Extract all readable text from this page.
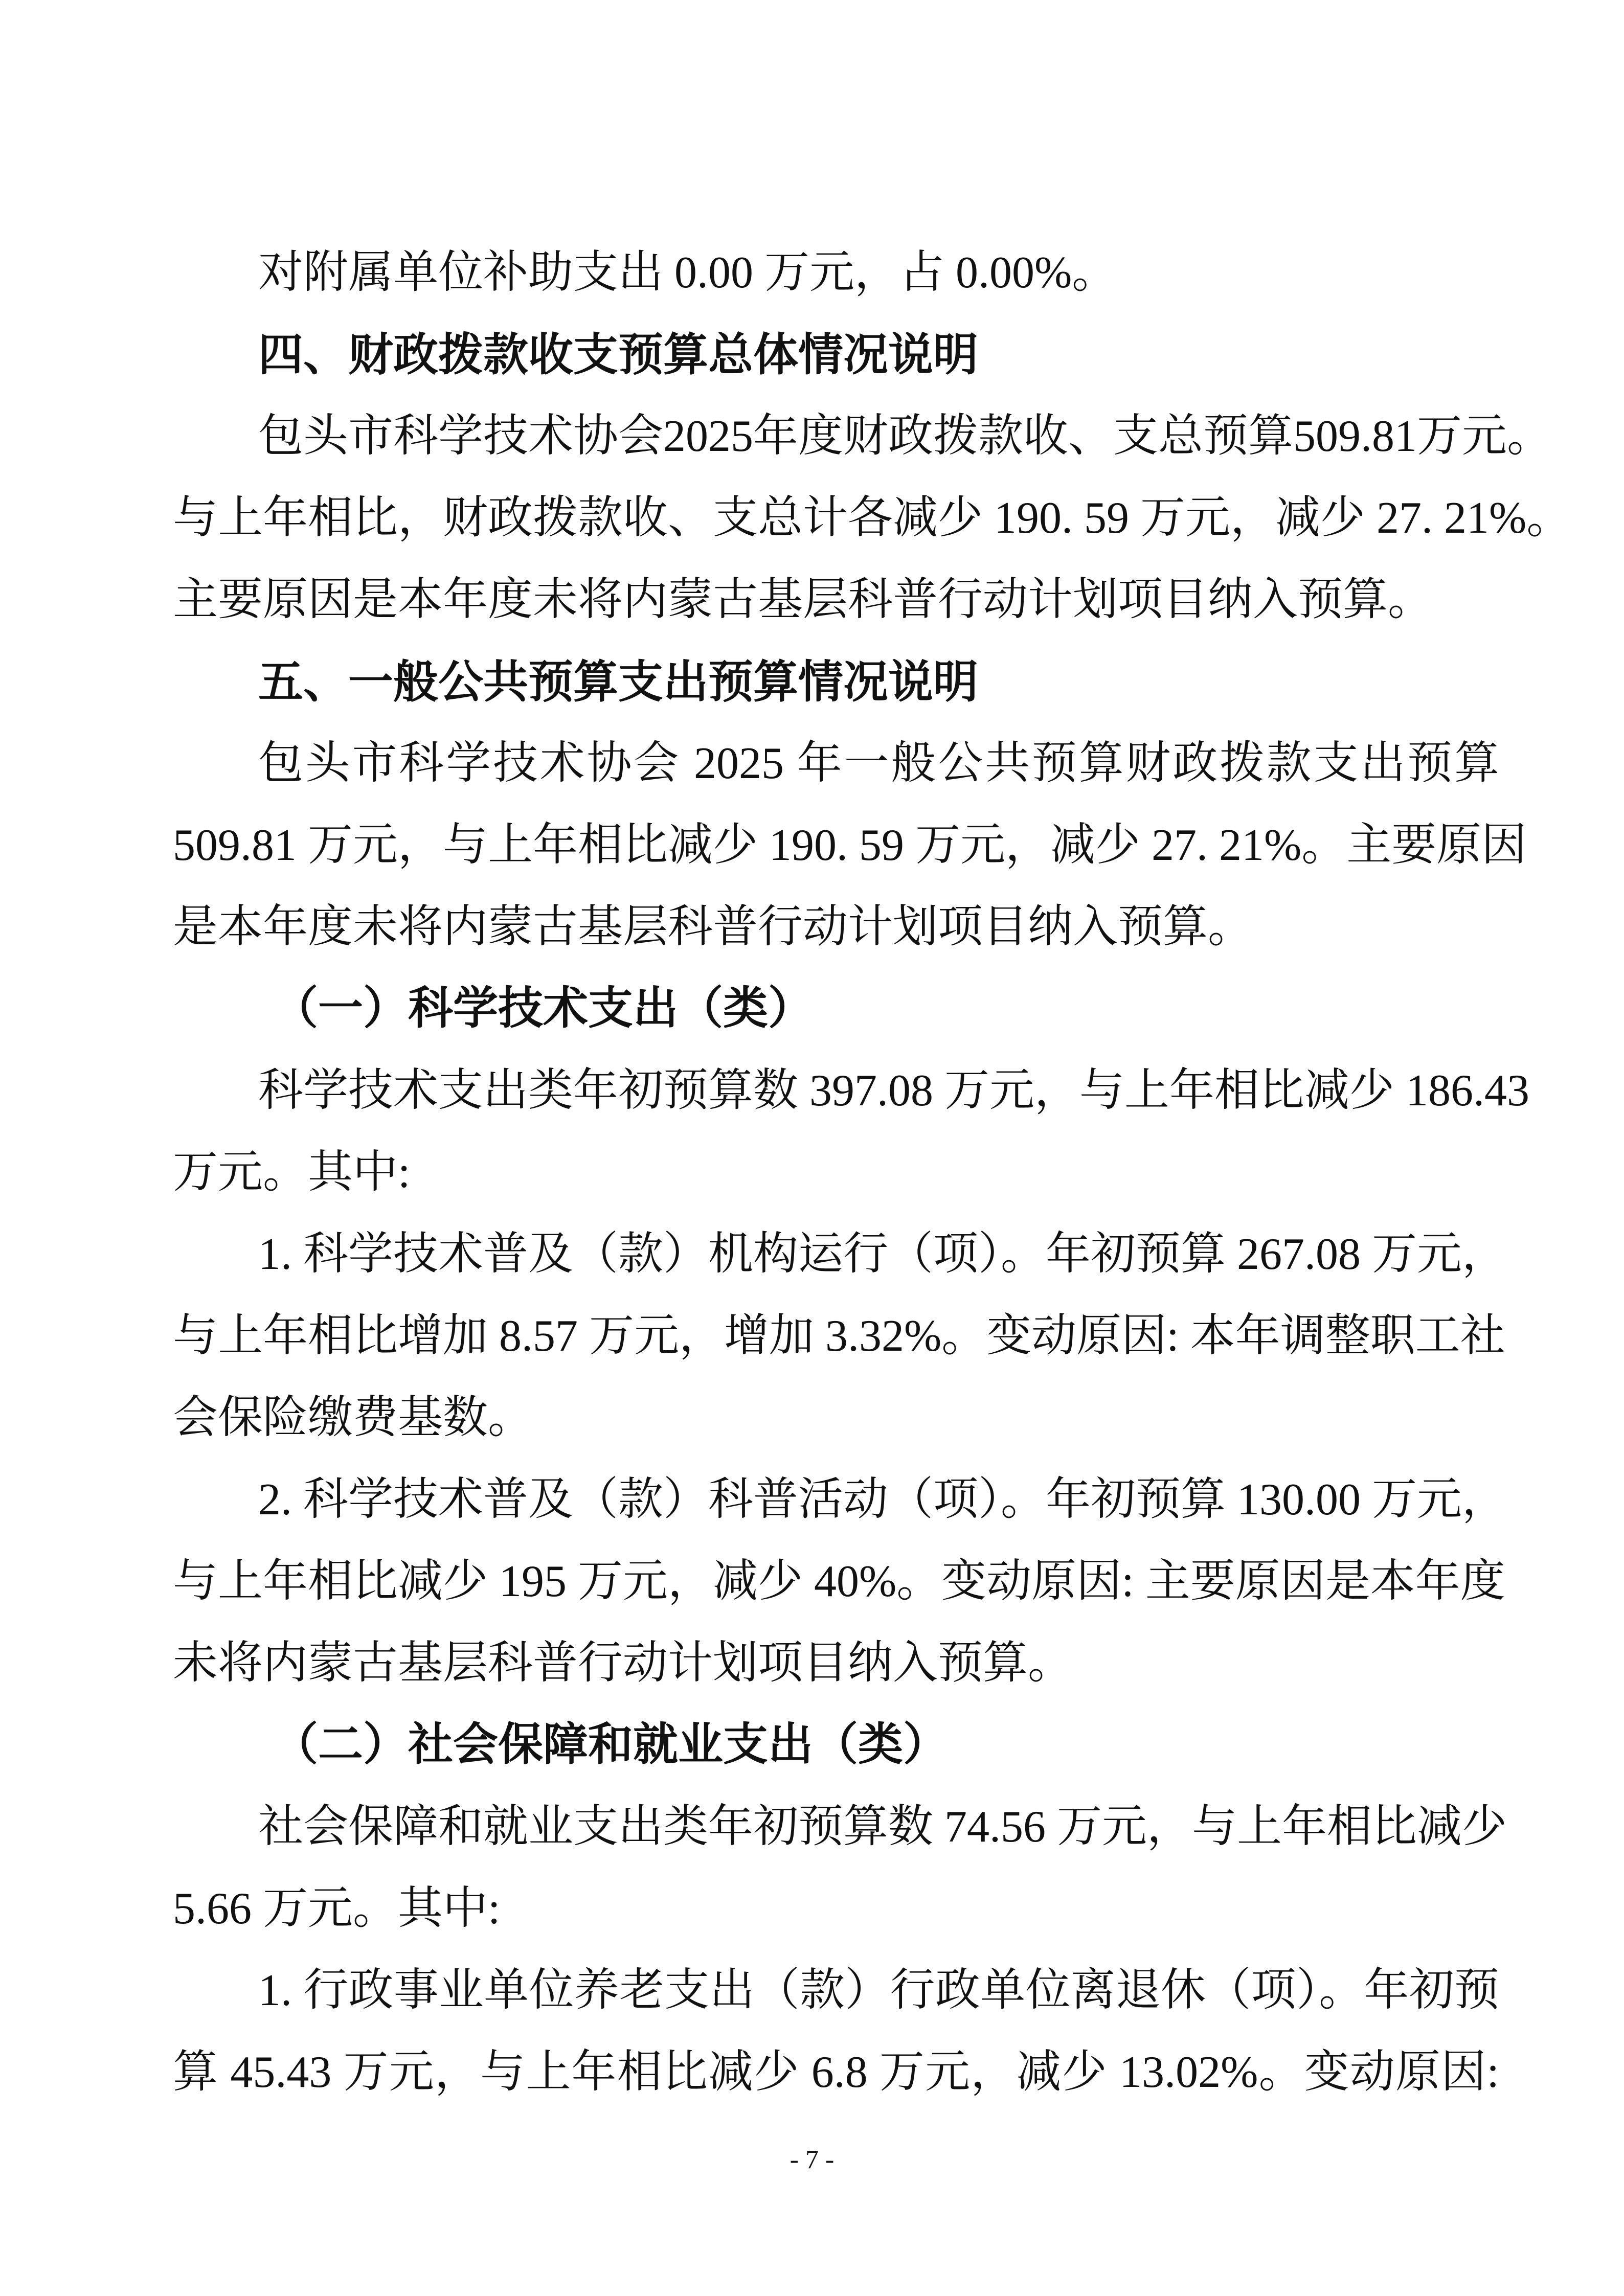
对附属单位补助支出 0.00 万元，占 0.00%。
四、财政拨款收支预算总体情况说明
包头市科学技术协会2025年度财政拨款收、支总预算509.81万元。
与上年相比，财政拨款收、支总计各减少 190. 59 万元，减少 27. 21%。
主要原因是本年度未将内蒙古基层科普行动计划项目纳入预算。
五、一般公共预算支出预算情况说明
包头市科学技术协会 2025 年一般公共预算财政拨款支出预算
509.81 万元，与上年相比减少 190. 59 万元，减少 27. 21%。主要原因
是本年度未将内蒙古基层科普行动计划项目纳入预算。
（一）科学技术支出（类）
科学技术支出类年初预算数 397.08 万元，与上年相比减少 186.43
万元。其中:
1. 科学技术普及（款）机构运行（项）。年初预算 267.08 万元，
与上年相比增加 8.57 万元，增加 3.32%。变动原因: 本年调整职工社
会保险缴费基数。
2. 科学技术普及（款）科普活动（项）。年初预算 130.00 万元，
与上年相比减少 195 万元，减少 40%。变动原因: 主要原因是本年度
未将内蒙古基层科普行动计划项目纳入预算。
（二）社会保障和就业支出（类）
社会保障和就业支出类年初预算数 74.56 万元，与上年相比减少
5.66 万元。其中:
1. 行政事业单位养老支出（款）行政单位离退休（项）。年初预
算 45.43 万元，与上年相比减少 6.8 万元，减少 13.02%。变动原因:
- 7 -
